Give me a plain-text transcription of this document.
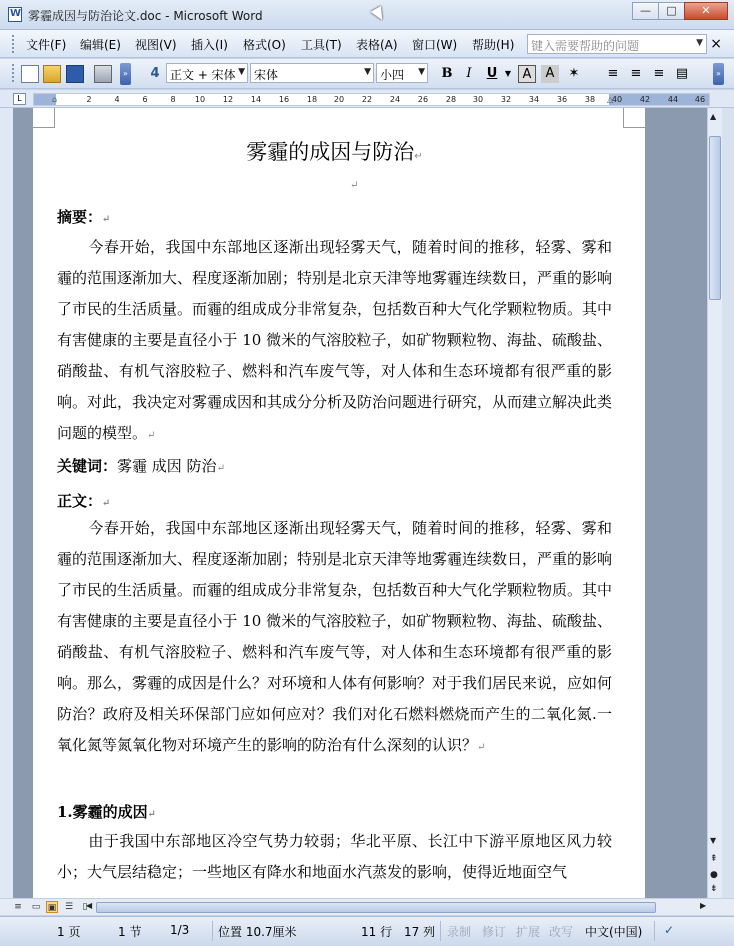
W
雾霾成因与防治论文.doc - Microsoft Word	—	□	✕
文件(F) 编辑(E) 视图(V) 插入(I) 格式(O) 工具(T) 表格(A) 窗口(W) 帮助(H)	键入需要帮助的问题	▼ ×
»	4 正文 + 宋体 ▼ 宋体	▼ 小四 ▼ B	I	U ▼ A	A	✶ ≡ ≡ ≡ ▤	»
L	⌂	2	4	6	8 10 12 14 16 18 20 22 24 26 28 30 32 34 36 38 40 42 44 46
△
雾霾的成因与防治↵
↵
摘要：↵
今春开始，我国中东部地区逐渐出现轻雾天气，随着时间的推移，轻雾、雾和霾的范围逐渐加大、程度逐渐加剧；特别是北京天津等地雾霾连续数日，严重的影响了市民的生活质量。而霾的组成成分非常复杂，包括数百种大气化学颗粒物质。其中有害健康的主要是直径小于 10 微米的气溶胶粒子，如矿物颗粒物、海盐、硫酸盐、硝酸盐、有机气溶胶粒子、燃料和汽车废气等，对人体和生态环境都有很严重的影响。对此，我决定对雾霾成因和其成分分析及防治问题进行研究，从而建立解决此类问题的模型。↵
关键词：雾霾 成因 防治↵
正文：↵
今春开始，我国中东部地区逐渐出现轻雾天气，随着时间的推移，轻雾、雾和霾的范围逐渐加大、程度逐渐加剧；特别是北京天津等地雾霾连续数日，严重的影响了市民的生活质量。而霾的组成成分非常复杂，包括数百种大气化学颗粒物质。其中有害健康的主要是直径小于 10 微米的气溶胶粒子，如矿物颗粒物、海盐、硫酸盐、硝酸盐、有机气溶胶粒子、燃料和汽车废气等，对人体和生态环境都有很严重的影响。那么，雾霾的成因是什么？对环境和人体有何影响？对于我们居民来说，应如何防治？政府及相关环保部门应如何应对？我们对化石燃料燃烧而产生的二氧化氮.一氧化氮等氮氧化物对环境产生的影响的防治有什么深刻的认识？↵
1.雾霾的成因↵
由于我国中东部地区冷空气势力较弱；华北平原、长江中下游平原地区风力较小；大气层结稳定；一些地区有降水和地面水汽蒸发的影响，使得近地面空气
▲
▼
⇞
●
⇟
≡ ▭ ▣ ☰	▯
◀	▶
1 页	1 节 1/3 位置 10.7厘米	11 行 17 列 录制 修订 扩展 改写 中文(中国) ✓
